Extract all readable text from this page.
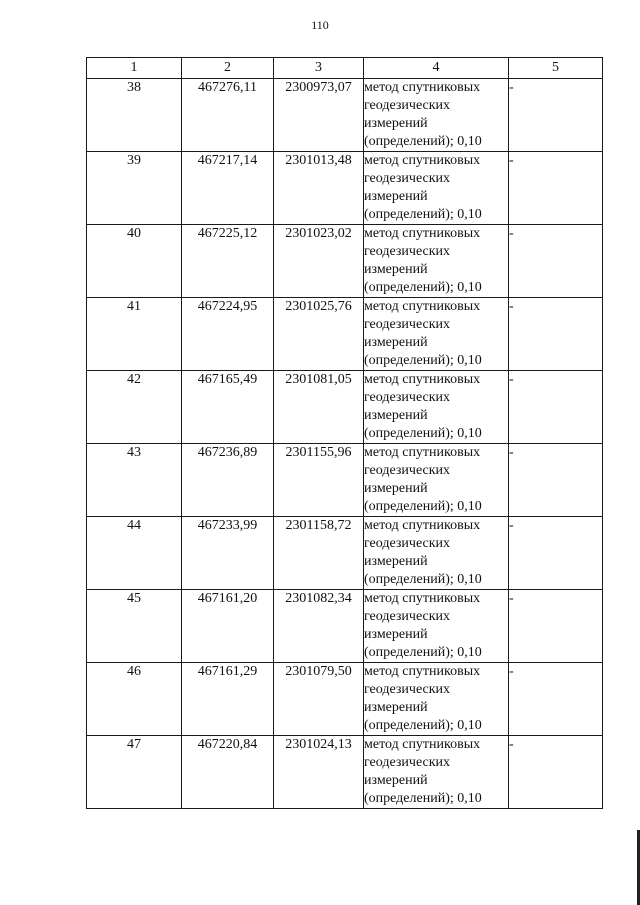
110
1	2	3	4	5
38	467276,11	2300973,07	метод спутниковых
геодезических
измерений
(определений); 0,10	-
39	467217,14	2301013,48	метод спутниковых
геодезических
измерений
(определений); 0,10	-
40	467225,12	2301023,02	метод спутниковых
геодезических
измерений
(определений); 0,10	-
41	467224,95	2301025,76	метод спутниковых
геодезических
измерений
(определений); 0,10	-
42	467165,49	2301081,05	метод спутниковых
геодезических
измерений
(определений); 0,10	-
43	467236,89	2301155,96	метод спутниковых
геодезических
измерений
(определений); 0,10	-
44	467233,99	2301158,72	метод спутниковых
геодезических
измерений
(определений); 0,10	-
45	467161,20	2301082,34	метод спутниковых
геодезических
измерений
(определений); 0,10	-
46	467161,29	2301079,50	метод спутниковых
геодезических
измерений
(определений); 0,10	-
47	467220,84	2301024,13	метод спутниковых
геодезических
измерений
(определений); 0,10	-
